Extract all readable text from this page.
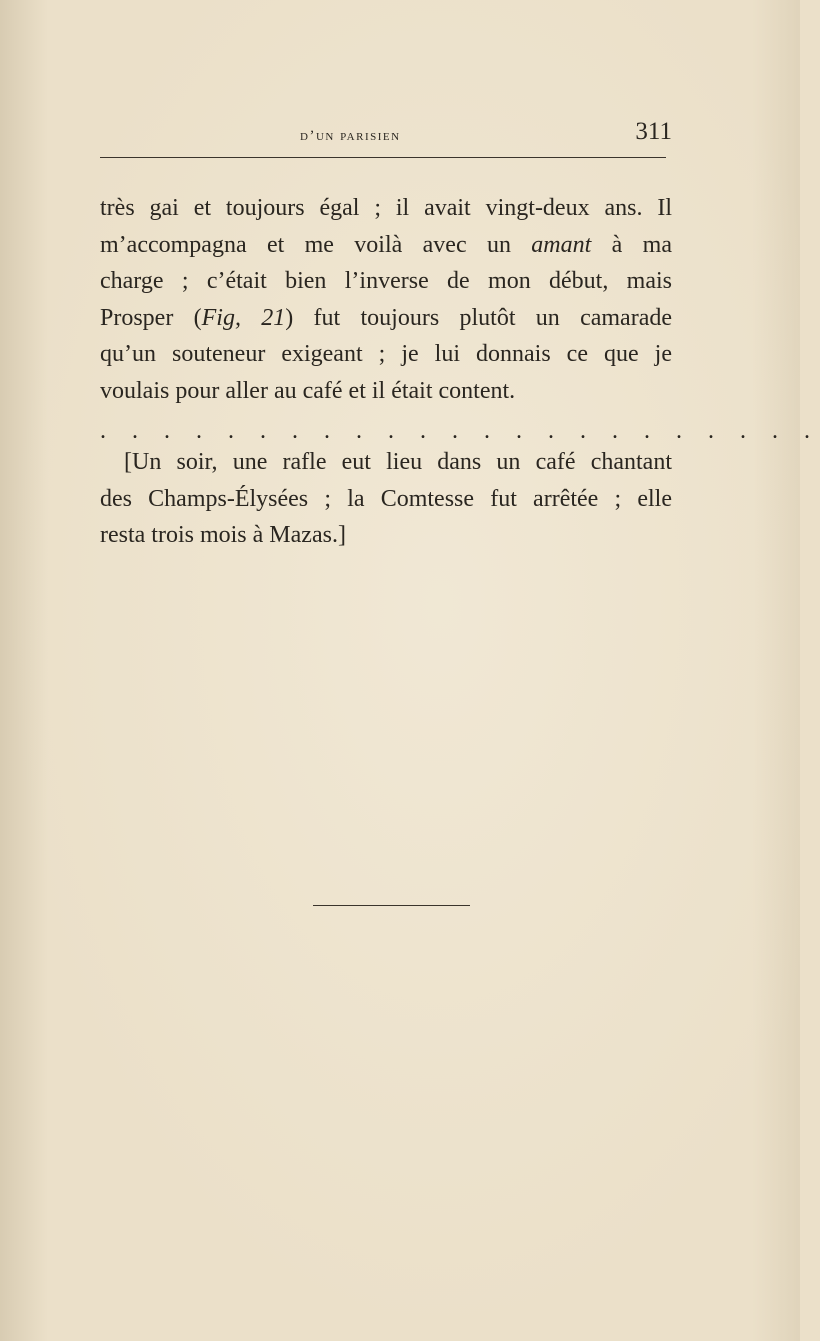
d’un parisien	311
très gai et toujours égal ; il avait vingt-deux ans. Il
m’accompagna et me voilà avec un amant à ma
charge ; c’était bien l’inverse de mon début, mais
Prosper (Fig, 21) fut toujours plutôt un camarade
qu’un souteneur exigeant ; je lui donnais ce que je
voulais pour aller au café et il était content.
. . . . . . . . . . . . . . . . . . . . . . .
[Un soir, une rafle eut lieu dans un café chantant
des Champs-Élysées ; la Comtesse fut arrêtée ; elle
resta trois mois à Mazas.]
